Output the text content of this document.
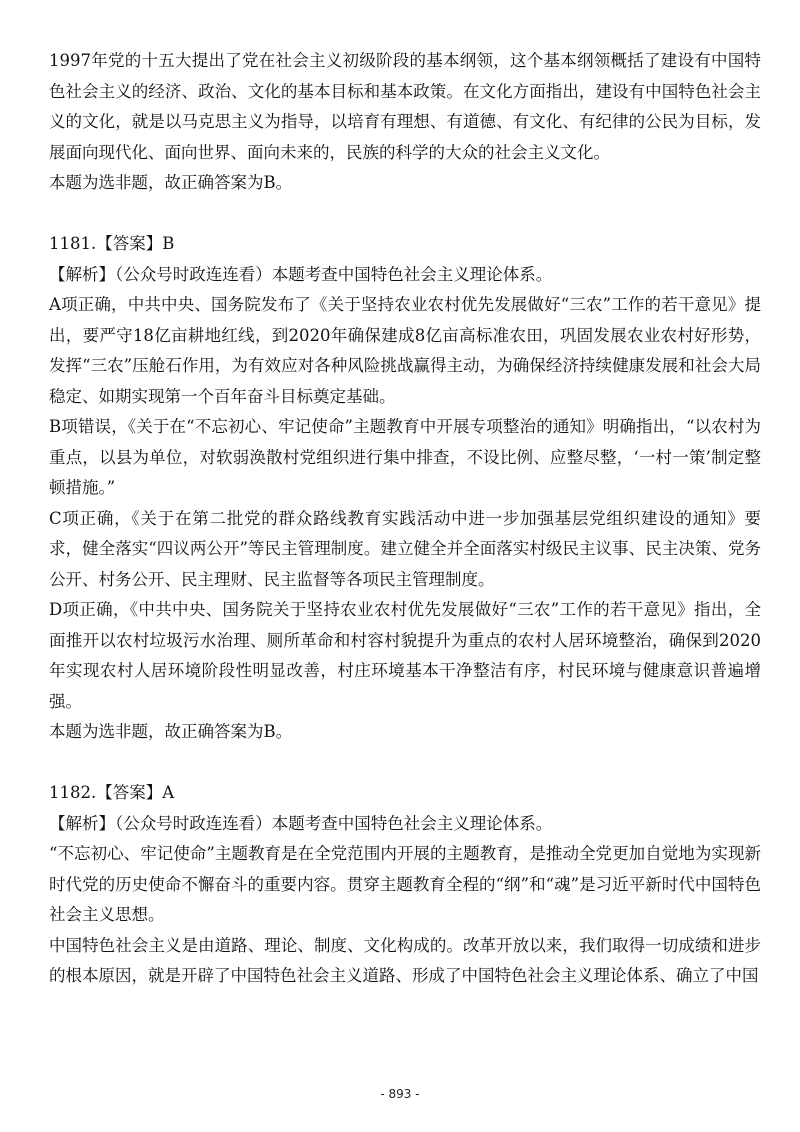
1997年党的十五大提出了党在社会主义初级阶段的基本纲领，这个基本纲领概括了建设有中国特色社会主义的经济、政治、文化的基本目标和基本政策。在文化方面指出，建设有中国特色社会主义的文化，就是以马克思主义为指导，以培育有理想、有道德、有文化、有纪律的公民为目标，发展面向现代化、面向世界、面向未来的，民族的科学的大众的社会主义文化。

本题为选非题，故正确答案为B。

1181.【答案】B

【解析】（公众号时政连连看）本题考查中国特色社会主义理论体系。

A项正确，中共中央、国务院发布了《关于坚持农业农村优先发展做好“三农”工作的若干意见》提出，要严守18亿亩耕地红线，到2020年确保建成8亿亩高标准农田，巩固发展农业农村好形势，发挥“三农”压舱石作用，为有效应对各种风险挑战赢得主动，为确保经济持续健康发展和社会大局稳定、如期实现第一个百年奋斗目标奠定基础。

B项错误，《关于在“不忘初心、牢记使命”主题教育中开展专项整治的通知》明确指出，“以农村为重点，以县为单位，对软弱涣散村党组织进行集中排查，不设比例、应整尽整，‘一村一策’制定整顿措施。”

C项正确，《关于在第二批党的群众路线教育实践活动中进一步加强基层党组织建设的通知》要求，健全落实“四议两公开”等民主管理制度。建立健全并全面落实村级民主议事、民主决策、党务公开、村务公开、民主理财、民主监督等各项民主管理制度。

D项正确，《中共中央、国务院关于坚持农业农村优先发展做好“三农”工作的若干意见》指出，全面推开以农村垃圾污水治理、厕所革命和村容村貌提升为重点的农村人居环境整治，确保到2020年实现农村人居环境阶段性明显改善，村庄环境基本干净整洁有序，村民环境与健康意识普遍增强。

本题为选非题，故正确答案为B。

1182.【答案】A

【解析】（公众号时政连连看）本题考查中国特色社会主义理论体系。

“不忘初心、牢记使命”主题教育是在全党范围内开展的主题教育，是推动全党更加自觉地为实现新时代党的历史使命不懈奋斗的重要内容。贯穿主题教育全程的“纲”和“魂”是习近平新时代中国特色社会主义思想。

中国特色社会主义是由道路、理论、制度、文化构成的。改革开放以来，我们取得一切成绩和进步的根本原因，就是开辟了中国特色社会主义道路、形成了中国特色社会主义理论体系、确立了中国

- 893 -
